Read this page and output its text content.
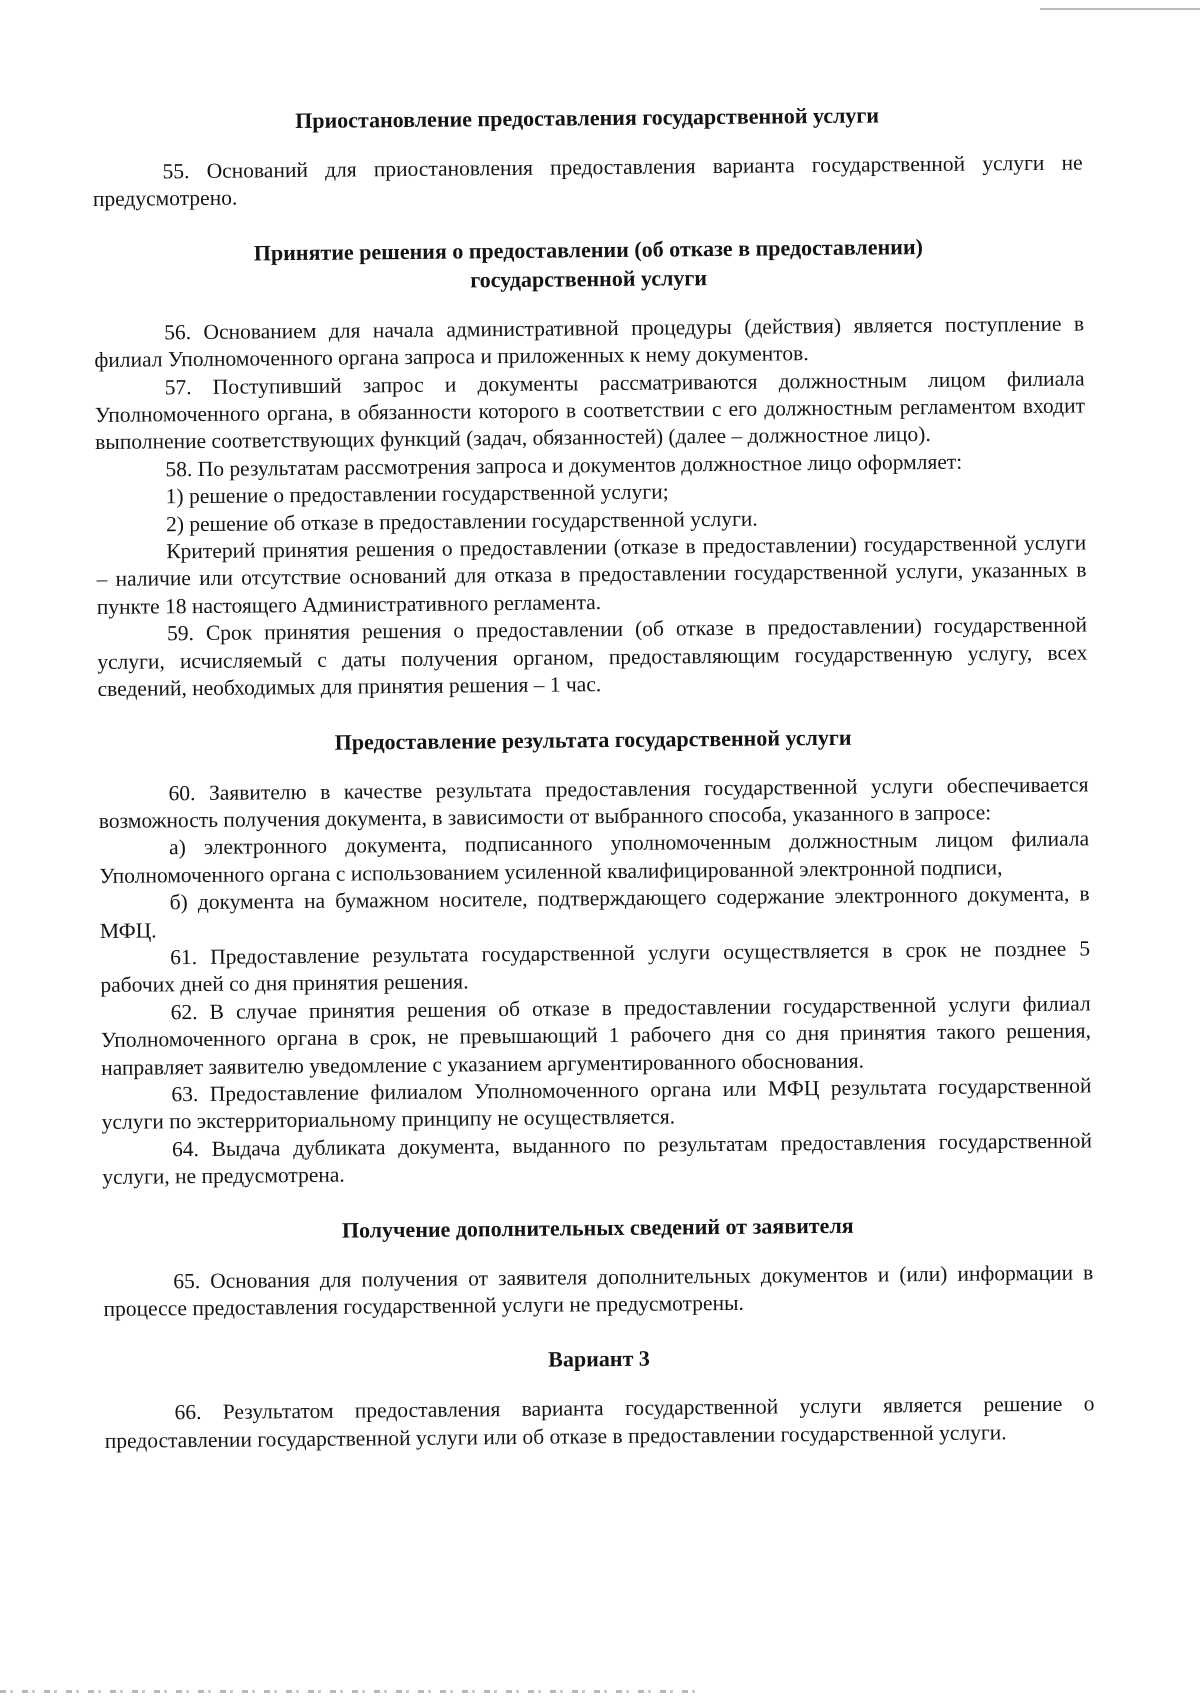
Приостановление предоставления государственной услуги

55. Оснований для приостановления предоставления варианта государственной услуги не предусмотрено.

Принятие решения о предоставлении (об отказе в предоставлении)
государственной услуги

56. Основанием для начала административной процедуры (действия) является поступление в филиал Уполномоченного органа запроса и приложенных к нему документов.

57. Поступивший запрос и документы рассматриваются должностным лицом филиала Уполномоченного органа, в обязанности которого в соответствии с его должностным регламентом входит выполнение соответствующих функций (задач, обязанностей) (далее – должностное лицо).

58. По результатам рассмотрения запроса и документов должностное лицо оформляет:

1) решение о предоставлении государственной услуги;

2) решение об отказе в предоставлении государственной услуги.

Критерий принятия решения о предоставлении (отказе в предоставлении) государственной услуги – наличие или отсутствие оснований для отказа в предоставлении государственной услуги, указанных в пункте 18 настоящего Административного регламента.

59. Срок принятия решения о предоставлении (об отказе в предоставлении) государственной услуги, исчисляемый с даты получения органом, предоставляющим государственную услугу, всех сведений, необходимых для принятия решения – 1 час.

Предоставление результата государственной услуги

60. Заявителю в качестве результата предоставления государственной услуги обеспечивается возможность получения документа, в зависимости от выбранного способа, указанного в запросе:

а) электронного документа, подписанного уполномоченным должностным лицом филиала Уполномоченного органа с использованием усиленной квалифицированной электронной подписи,

б) документа на бумажном носителе, подтверждающего содержание электронного документа, в МФЦ.

61. Предоставление результата государственной услуги осуществляется в срок не позднее 5 рабочих дней со дня принятия решения.

62. В случае принятия решения об отказе в предоставлении государственной услуги филиал Уполномоченного органа в срок, не превышающий 1 рабочего дня со дня принятия такого решения, направляет заявителю уведомление с указанием аргументированного обоснования.

63. Предоставление филиалом Уполномоченного органа или МФЦ результата государственной услуги по экстерриториальному принципу не осуществляется.

64. Выдача дубликата документа, выданного по результатам предоставления государственной услуги, не предусмотрена.

Получение дополнительных сведений от заявителя

65. Основания для получения от заявителя дополнительных документов и (или) информации в процессе предоставления государственной услуги не предусмотрены.

Вариант 3

66. Результатом предоставления варианта государственной услуги является решение о предоставлении государственной услуги или об отказе в предоставлении государственной услуги.
